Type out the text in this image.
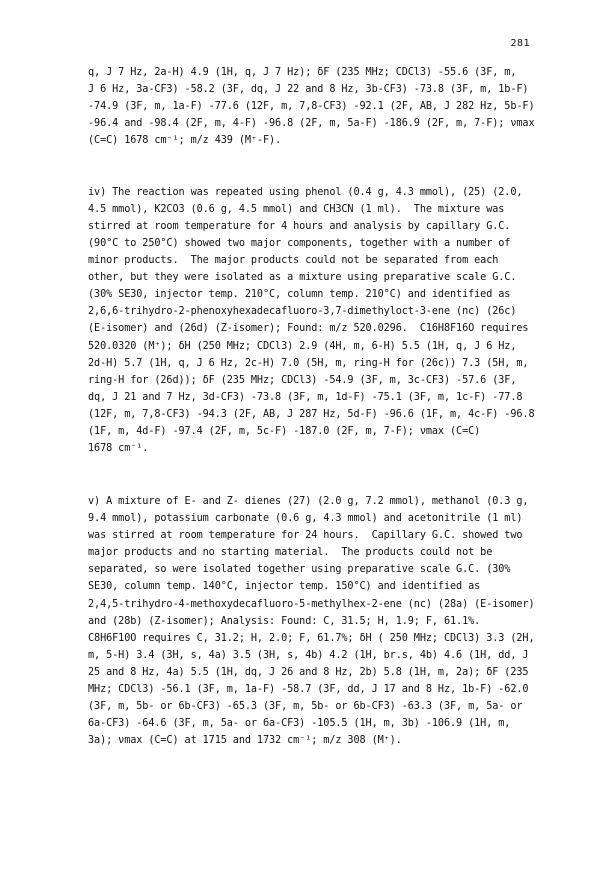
281
q, J 7 Hz, 2a-H) 4.9 (1H, q, J 7 Hz); δF (235 MHz; CDCl3) -55.6 (3F, m,
J 6 Hz, 3a-CF3) -58.2 (3F, dq, J 22 and 8 Hz, 3b-CF3) -73.8 (3F, m, 1b-F)
-74.9 (3F, m, 1a-F) -77.6 (12F, m, 7,8-CF3) -92.1 (2F, AB, J 282 Hz, 5b-F)
-96.4 and -98.4 (2F, m, 4-F) -96.8 (2F, m, 5a-F) -186.9 (2F, m, 7-F); νmax
(C=C) 1678 cm⁻¹; m/z 439 (M⁺-F).
iv) The reaction was repeated using phenol (0.4 g, 4.3 mmol), (25) (2.0,
4.5 mmol), K2CO3 (0.6 g, 4.5 mmol) and CH3CN (1 ml).  The mixture was
stirred at room temperature for 4 hours and analysis by capillary G.C.
(90°C to 250°C) showed two major components, together with a number of
minor products.  The major products could not be separated from each
other, but they were isolated as a mixture using preparative scale G.C.
(30% SE30, injector temp. 210°C, column temp. 210°C) and identified as
2,6,6-trihydro-2-phenoxyhexadecafluoro-3,7-dimethyloct-3-ene (nc) (26c)
(E-isomer) and (26d) (Z-isomer); Found: m/z 520.0296.  C16H8F16O requires
520.0320 (M⁺); δH (250 MHz; CDCl3) 2.9 (4H, m, 6-H) 5.5 (1H, q, J 6 Hz,
2d-H) 5.7 (1H, q, J 6 Hz, 2c-H) 7.0 (5H, m, ring-H for (26c)) 7.3 (5H, m,
ring-H for (26d)); δF (235 MHz; CDCl3) -54.9 (3F, m, 3c-CF3) -57.6 (3F,
dq, J 21 and 7 Hz, 3d-CF3) -73.8 (3F, m, 1d-F) -75.1 (3F, m, 1c-F) -77.8
(12F, m, 7,8-CF3) -94.3 (2F, AB, J 287 Hz, 5d-F) -96.6 (1F, m, 4c-F) -96.8
(1F, m, 4d-F) -97.4 (2F, m, 5c-F) -187.0 (2F, m, 7-F); νmax (C=C)
1678 cm⁻¹.
v) A mixture of E- and Z- dienes (27) (2.0 g, 7.2 mmol), methanol (0.3 g,
9.4 mmol), potassium carbonate (0.6 g, 4.3 mmol) and acetonitrile (1 ml)
was stirred at room temperature for 24 hours.  Capillary G.C. showed two
major products and no starting material.  The products could not be
separated, so were isolated together using preparative scale G.C. (30%
SE30, column temp. 140°C, injector temp. 150°C) and identified as
2,4,5-trihydro-4-methoxydecafluoro-5-methylhex-2-ene (nc) (28a) (E-isomer)
and (28b) (Z-isomer); Analysis: Found: C, 31.5; H, 1.9; F, 61.1%.
C8H6F10O requires C, 31.2; H, 2.0; F, 61.7%; δH ( 250 MHz; CDCl3) 3.3 (2H,
m, 5-H) 3.4 (3H, s, 4a) 3.5 (3H, s, 4b) 4.2 (1H, br.s, 4b) 4.6 (1H, dd, J
25 and 8 Hz, 4a) 5.5 (1H, dq, J 26 and 8 Hz, 2b) 5.8 (1H, m, 2a); δF (235
MHz; CDCl3) -56.1 (3F, m, 1a-F) -58.7 (3F, dd, J 17 and 8 Hz, 1b-F) -62.0
(3F, m, 5b- or 6b-CF3) -65.3 (3F, m, 5b- or 6b-CF3) -63.3 (3F, m, 5a- or
6a-CF3) -64.6 (3F, m, 5a- or 6a-CF3) -105.5 (1H, m, 3b) -106.9 (1H, m,
3a); νmax (C=C) at 1715 and 1732 cm⁻¹; m/z 308 (M⁺).
